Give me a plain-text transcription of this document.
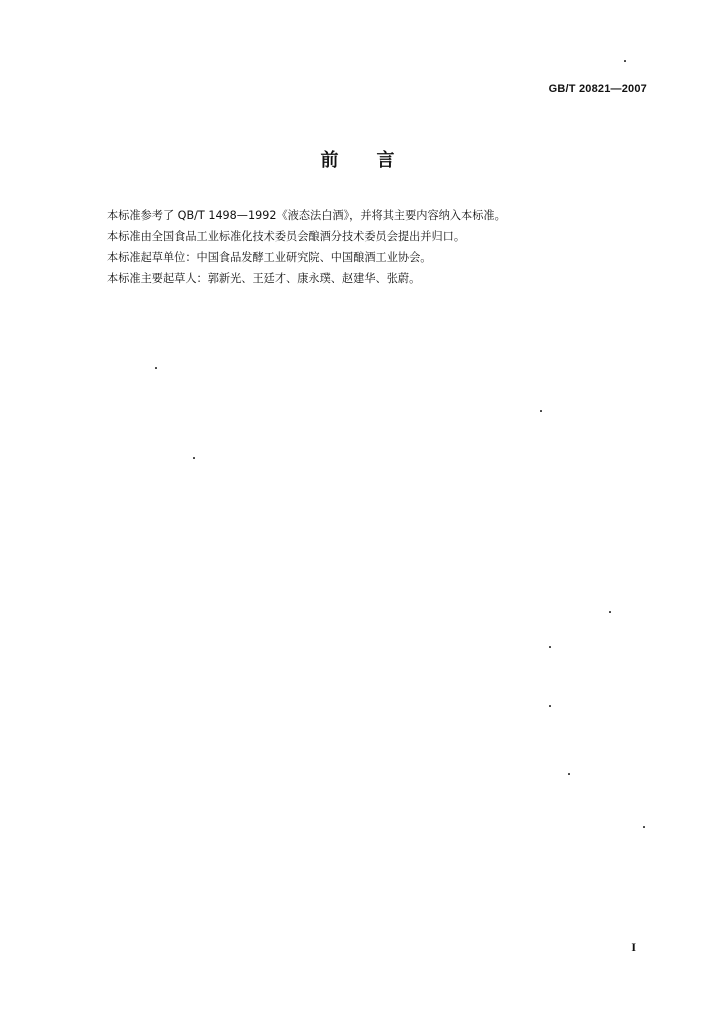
GB/T 20821—2007
前 言

本标准参考了 QB/T 1498—1992《液态法白酒》，并将其主要内容纳入本标准。

本标准由全国食品工业标准化技术委员会酿酒分技术委员会提出并归口。

本标准起草单位：中国食品发酵工业研究院、中国酿酒工业协会。

本标准主要起草人：郭新光、王廷才、康永璞、赵建华、张蔚。

I
